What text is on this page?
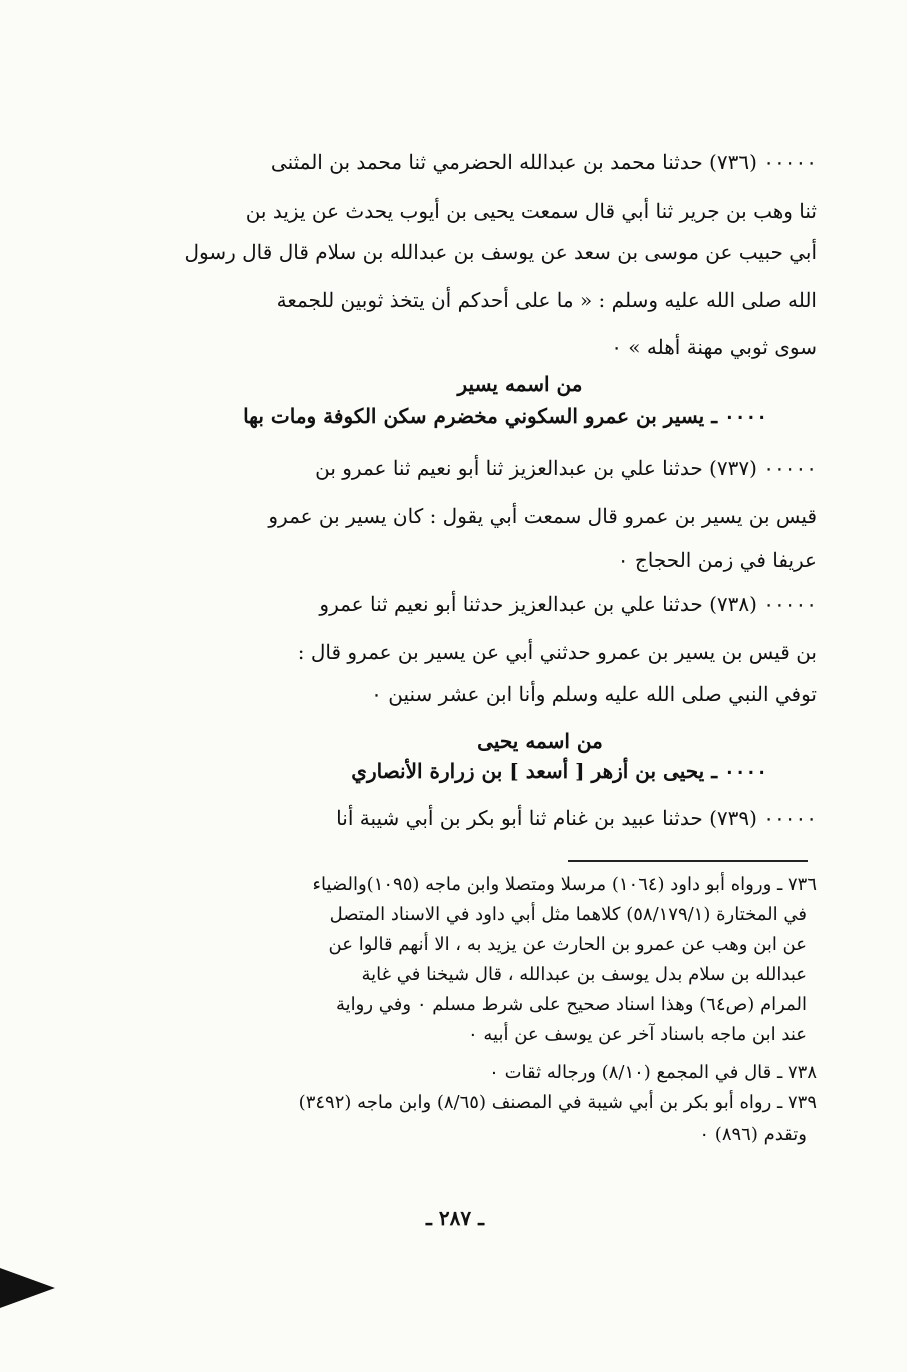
٠٠٠٠٠ (٧٣٦) حدثنا محمد بن عبدالله الحضرمي ثنا محمد بن المثنى
ثنا وهب بن جرير ثنا أبي قال سمعت يحيى بن أيوب يحدث عن يزيد بن
أبي حبيب عن موسى بن سعد عن يوسف بن عبدالله بن سلام قال قال رسول
الله صلى الله عليه وسلم : « ما على أحدكم أن يتخذ ثوبين للجمعة
سوى ثوبي مهنة أهله » ٠
من اسمه يسير
٠٠٠٠ ـ يسير بن عمرو السكوني مخضرم سكن الكوفة ومات بها
٠٠٠٠٠ (٧٣٧) حدثنا علي بن عبدالعزيز ثنا أبو نعيم ثنا عمرو بن
قيس بن يسير بن عمرو قال سمعت أبي يقول : كان يسير بن عمرو
عريفا في زمن الحجاج ٠
٠٠٠٠٠ (٧٣٨) حدثنا علي بن عبدالعزيز حدثنا أبو نعيم ثنا عمرو
بن قيس بن يسير بن عمرو حدثني أبي عن يسير بن عمرو قال :
توفي النبي صلى الله عليه وسلم وأنا ابن عشر سنين ٠
من اسمه يحيى
٠٠٠٠ ـ يحيى بن أزهر [ أسعد ] بن زرارة الأنصاري
٠٠٠٠٠ (٧٣٩) حدثنا عبيد بن غنام ثنا أبو بكر بن أبي شيبة أنا
٧٣٦ ـ ورواه أبو داود (١٠٦٤) مرسلا ومتصلا وابن ماجه (١٠٩٥)والضياء
في المختارة (٥٨/١٧٩/١) كلاهما مثل أبي داود في الاسناد المتصل
عن ابن وهب عن عمرو بن الحارث عن يزيد به ، الا أنهم قالوا عن
عبدالله بن سلام بدل يوسف بن عبدالله ، قال شيخنا في غاية
المرام (ص٦٤) وهذا اسناد صحيح على شرط مسلم ٠ وفي رواية
عند ابن ماجه باسناد آخر عن يوسف عن أبيه ٠
٧٣٨ ـ قال في المجمع (٨/١٠) ورجاله ثقات ٠
٧٣٩ ـ رواه أبو بكر بن أبي شيبة في المصنف (٨/٦٥) وابن ماجه (٣٤٩٢)
وتقدم (٨٩٦) ٠
ـ ٢٨٧ ـ
